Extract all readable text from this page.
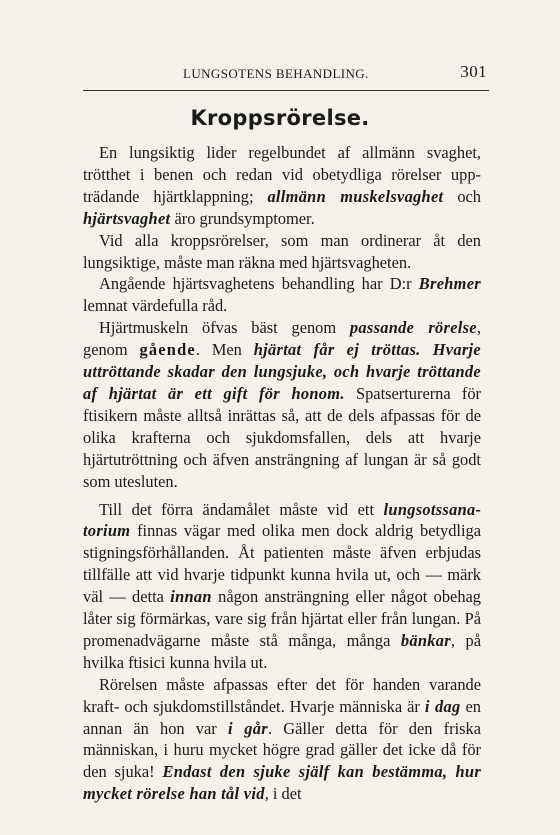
LUNGSOTENS BEHANDLING.	301
Kroppsrörelse.

En lungsiktig lider regelbundet af allmänn svaghet, trötthet i benen och redan vid obetydliga rörelser uppträdande hjärtklappning; allmänn muskelsvaghet och hjärtsvaghet äro grundsymptomer.

Vid alla kroppsrörelser, som man ordinerar åt den lungsiktige, måste man räkna med hjärtsvagheten.

Angående hjärtsvaghetens behandling har D:r Brehmer lemnat värdefulla råd.

Hjärtmuskeln öfvas bäst genom passande rörelse, genom gående. Men hjärtat får ej tröttas. Hvarje uttröttande skadar den lungsjuke, och hvarje tröttande af hjärtat är ett gift för honom. Spatserturerna för ftisikern måste alltså inrättas så, att de dels afpassas för de olika krafterna och sjukdomsfallen, dels att hvarje hjärtutröttning och äfven ansträngning af lungan är så godt som utesluten.

Till det förra ändamålet måste vid ett lungsotssanatorium finnas vägar med olika men dock aldrig betydliga stigningsförhållanden. Åt patienten måste äfven erbjudas tillfälle att vid hvarje tidpunkt kunna hvila ut, och — märk väl — detta innan någon ansträngning eller något obehag låter sig förmärkas, vare sig från hjärtat eller från lungan. På promenadvägarne måste stå många, många bänkar, på hvilka ftisici kunna hvila ut.

Rörelsen måste afpassas efter det för handen varande kraft- och sjukdomstillståndet. Hvarje människa är i dag en annan än hon var i går. Gäller detta för den friska människan, i huru mycket högre grad gäller det icke då för den sjuka! Endast den sjuke själf kan bestämma, hur mycket rörelse han tål vid, i det
